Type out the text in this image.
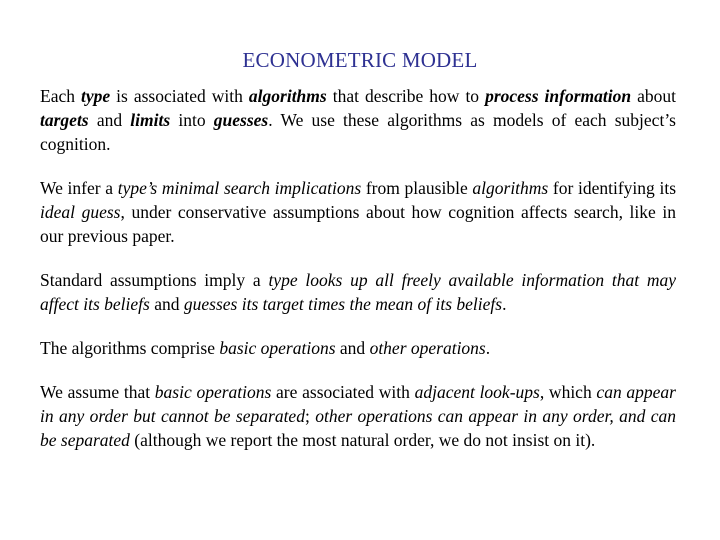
ECONOMETRIC MODEL

Each type is associated with algorithms that describe how to process information about targets and limits into guesses. We use these algorithms as models of each subject’s cognition.

We infer a type’s minimal search implications from plausible algorithms for identifying its ideal guess, under conservative assumptions about how cognition affects search, like in our previous paper.

Standard assumptions imply a type looks up all freely available information that may affect its beliefs and guesses its target times the mean of its beliefs.

The algorithms comprise basic operations and other operations.

We assume that basic operations are associated with adjacent look-ups, which can appear in any order but cannot be separated; other operations can appear in any order, and can be separated (although we report the most natural order, we do not insist on it).
